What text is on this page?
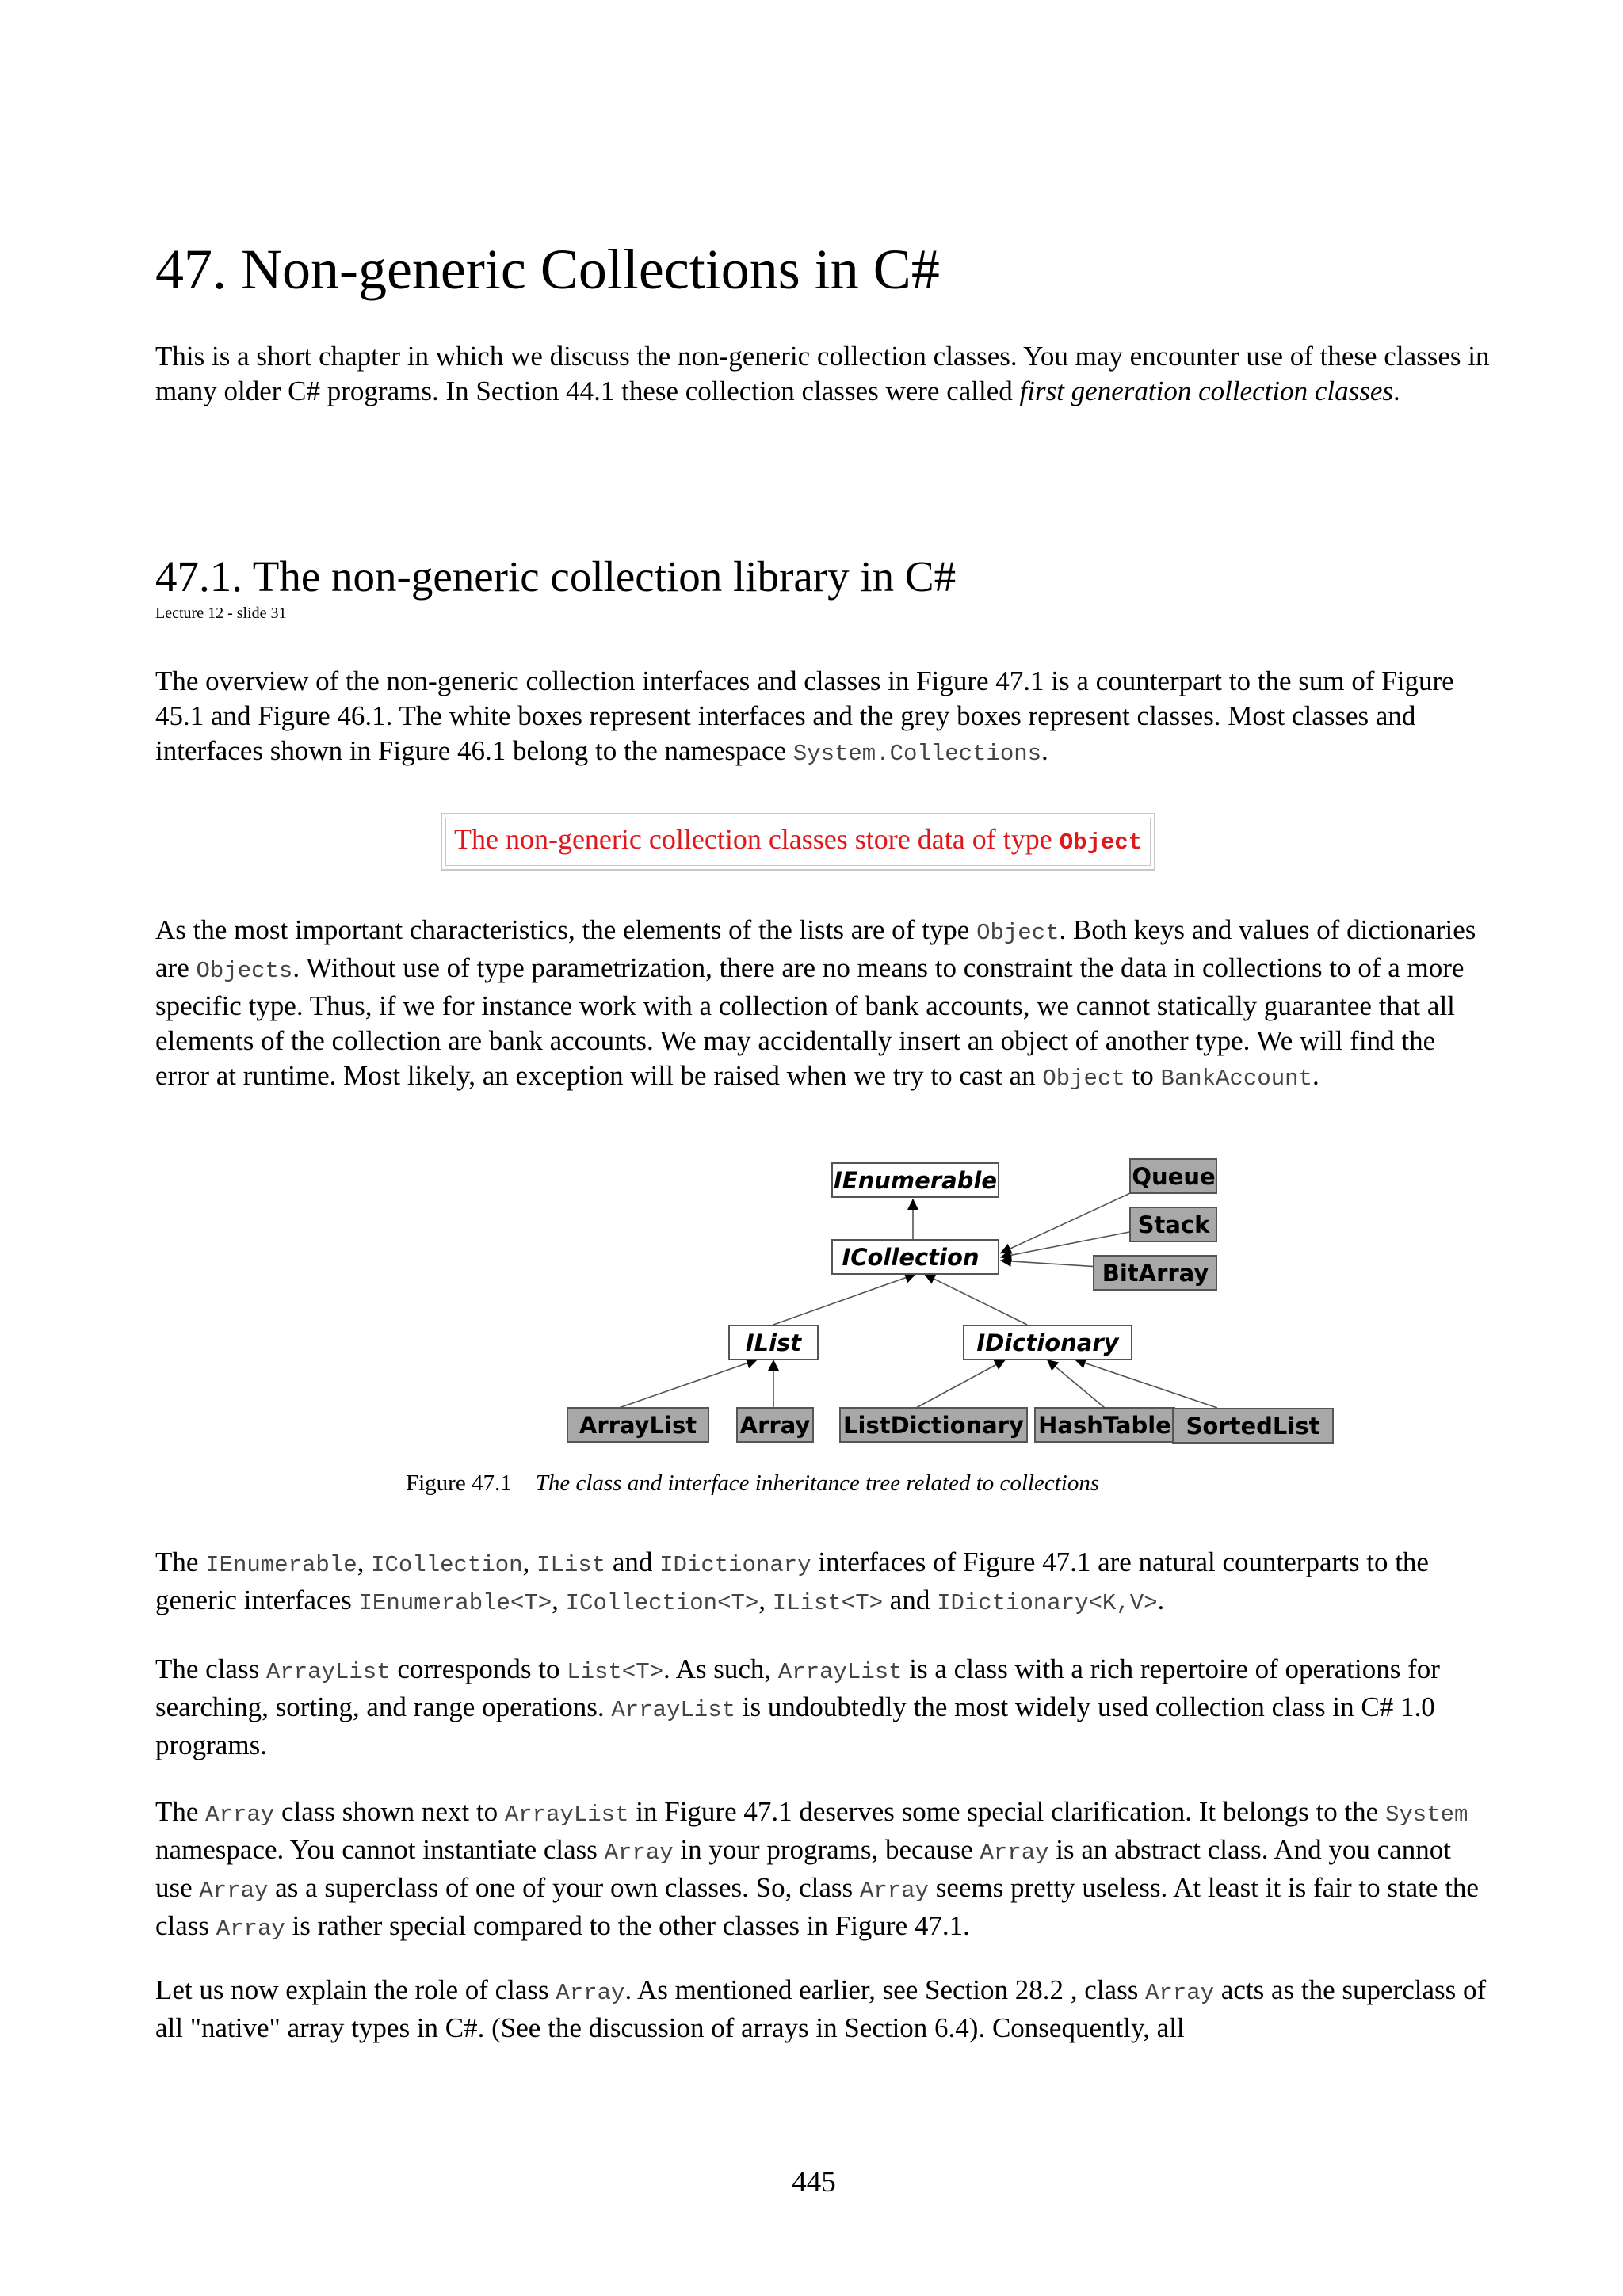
47. Non-generic Collections in C#

This is a short chapter in which we discuss the non-generic collection classes. You may encounter use of these classes in many older C# programs. In Section 44.1 these collection classes were called first generation collection classes.

47.1. The non-generic collection library in C#
Lecture 12 - slide 31

The overview of the non-generic collection interfaces and classes in Figure 47.1 is a counterpart to the sum of Figure 45.1 and Figure 46.1. The white boxes represent interfaces and the grey boxes represent classes. Most classes and interfaces shown in Figure 46.1 belong to the namespace System.Collections.

The non-generic collection classes store data of type Object

As the most important characteristics, the elements of the lists are of type Object. Both keys and values of dictionaries are Objects. Without use of type parametrization, there are no means to constraint the data in collections to of a more specific type. Thus, if we for instance work with a collection of bank accounts, we cannot statically guarantee that all elements of the collection are bank accounts. We may accidentally insert an object of another type. We will find the error at runtime. Most likely, an exception will be raised when we try to cast an Object to BankAccount.

IEnumerable
ICollection
IList	IDictionary
Queue
Stack
BitArray
ArrayList Array ListDictionary HashTable SortedList
Figure 47.1 The class and interface inheritance tree related to collections

The IEnumerable, ICollection, IList and IDictionary interfaces of Figure 47.1 are natural counterparts to the generic interfaces IEnumerable<T>, ICollection<T>, IList<T> and IDictionary<K,V>.

The class ArrayList corresponds to List<T>. As such, ArrayList is a class with a rich repertoire of operations for searching, sorting, and range operations. ArrayList is undoubtedly the most widely used collection class in C# 1.0 programs.

The Array class shown next to ArrayList in Figure 47.1 deserves some special clarification. It belongs to the System namespace. You cannot instantiate class Array in your programs, because Array is an abstract class. And you cannot use Array as a superclass of one of your own classes. So, class Array seems pretty useless. At least it is fair to state the class Array is rather special compared to the other classes in Figure 47.1.

Let us now explain the role of class Array. As mentioned earlier, see Section 28.2 , class Array acts as the superclass of all "native" array types in C#. (See the discussion of arrays in Section 6.4). Consequently, all

445
